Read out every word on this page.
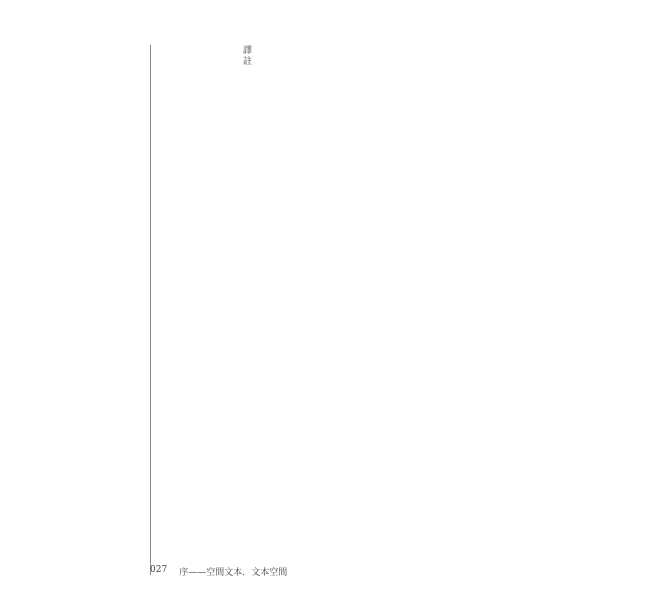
譯註
027 序——空間文本．文本空間
